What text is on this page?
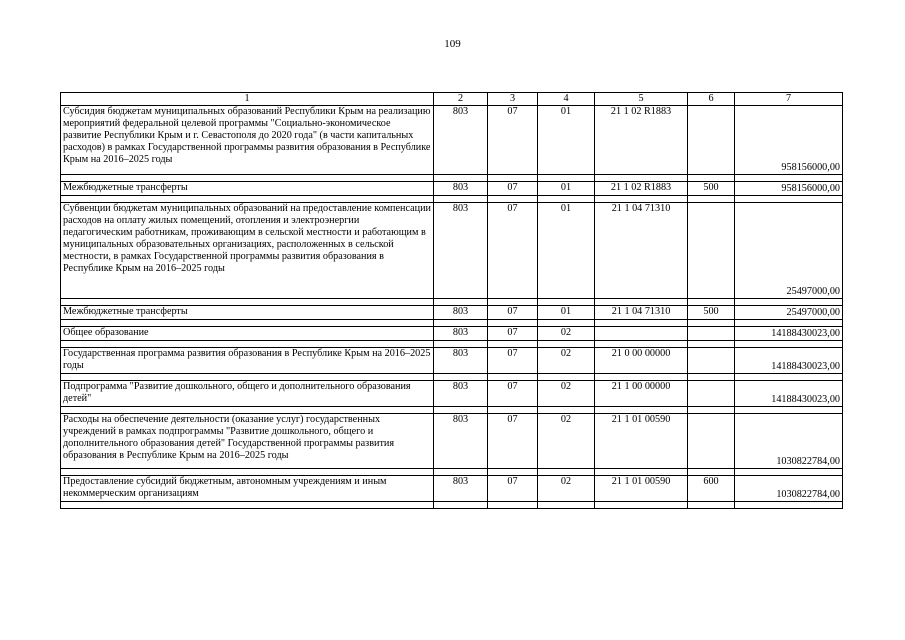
109
1	2	3	4	5	6	7
Субсидия бюджетам муниципальных образований Республики Крым на реализацию мероприятий федеральной целевой программы "Социально-экономическое развитие Республики Крым и г. Севастополя до 2020 года" (в части капитальных расходов) в рамках Государственной программы развития образования в Республике Крым на 2016–2025 годы	803	07	01	21 1 02 R1883		958156000,00

Межбюджетные трансферты	803	07	01	21 1 02 R1883	500	958156000,00

Субвенции бюджетам муниципальных образований на предоставление компенсации расходов на оплату жилых помещений, отопления и электроэнергии педагогическим работникам, проживающим в сельской местности и работающим в муниципальных образовательных организациях, расположенных в сельской местности, в рамках Государственной программы развития образования в Республике Крым на 2016–2025 годы	803	07	01	21 1 04 71310		25497000,00

Межбюджетные трансферты	803	07	01	21 1 04 71310	500	25497000,00

Общее образование	803	07	02			14188430023,00

Государственная программа развития образования в Республике Крым на 2016–2025 годы	803	07	02	21 0 00 00000		14188430023,00

Подпрограмма "Развитие дошкольного, общего и дополнительного образования детей"	803	07	02	21 1 00 00000		14188430023,00

Расходы на обеспечение деятельности (оказание услуг) государственных учреждений в рамках подпрограммы "Развитие дошкольного, общего и дополнительного образования детей" Государственной программы развития образования в Республике Крым на 2016–2025 годы	803	07	02	21 1 01 00590		1030822784,00

Предоставление субсидий бюджетным, автономным учреждениям и иным некоммерческим организациям	803	07	02	21 1 01 00590	600	1030822784,00
